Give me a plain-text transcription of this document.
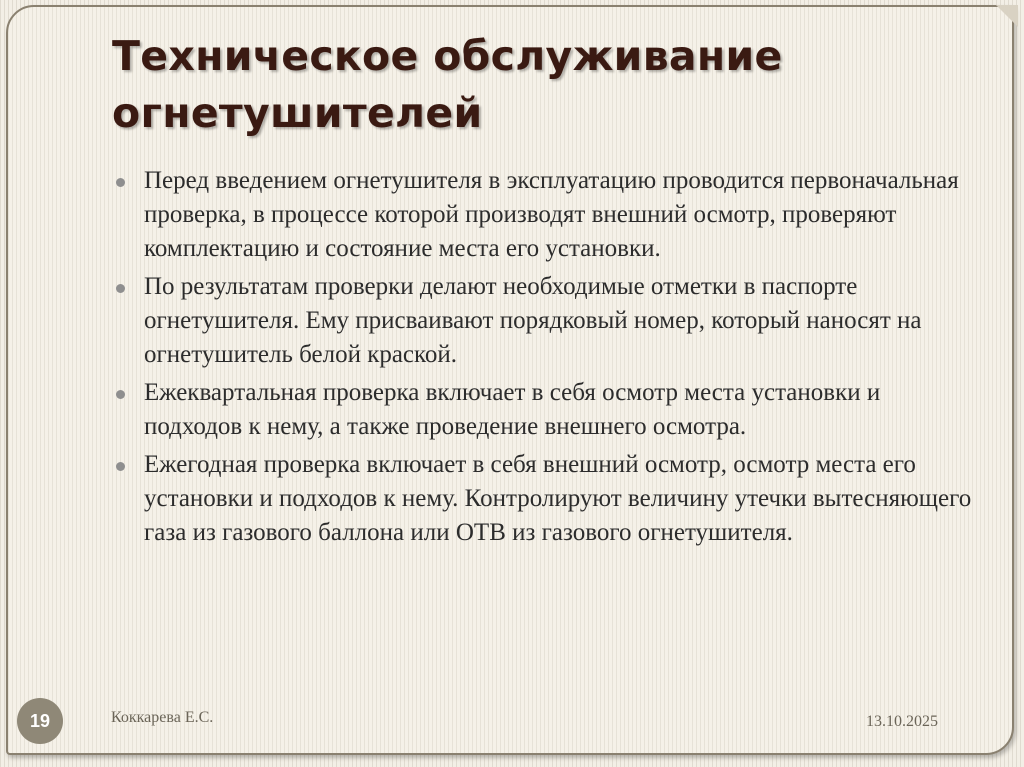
Техническое обслуживание огнетушителей
Перед введением огнетушителя в эксплуатацию проводится первоначальная проверка, в процессе которой производят внешний осмотр, проверяют комплектацию и состояние места его установки.
По результатам проверки делают необходимые отметки в паспорте огнетушителя. Ему присваивают порядковый номер, который наносят на огнетушитель белой краской.
Ежеквартальная проверка включает в себя осмотр места установки и подходов к нему, а также проведение внешнего осмотра.
Ежегодная проверка включает в себя внешний осмотр, осмотр места его установки и подходов к нему. Контролируют величину утечки вытесняющего газа из газового баллона или ОТВ из газового огнетушителя.
19	Коккарева Е.С.	13.10.2025
